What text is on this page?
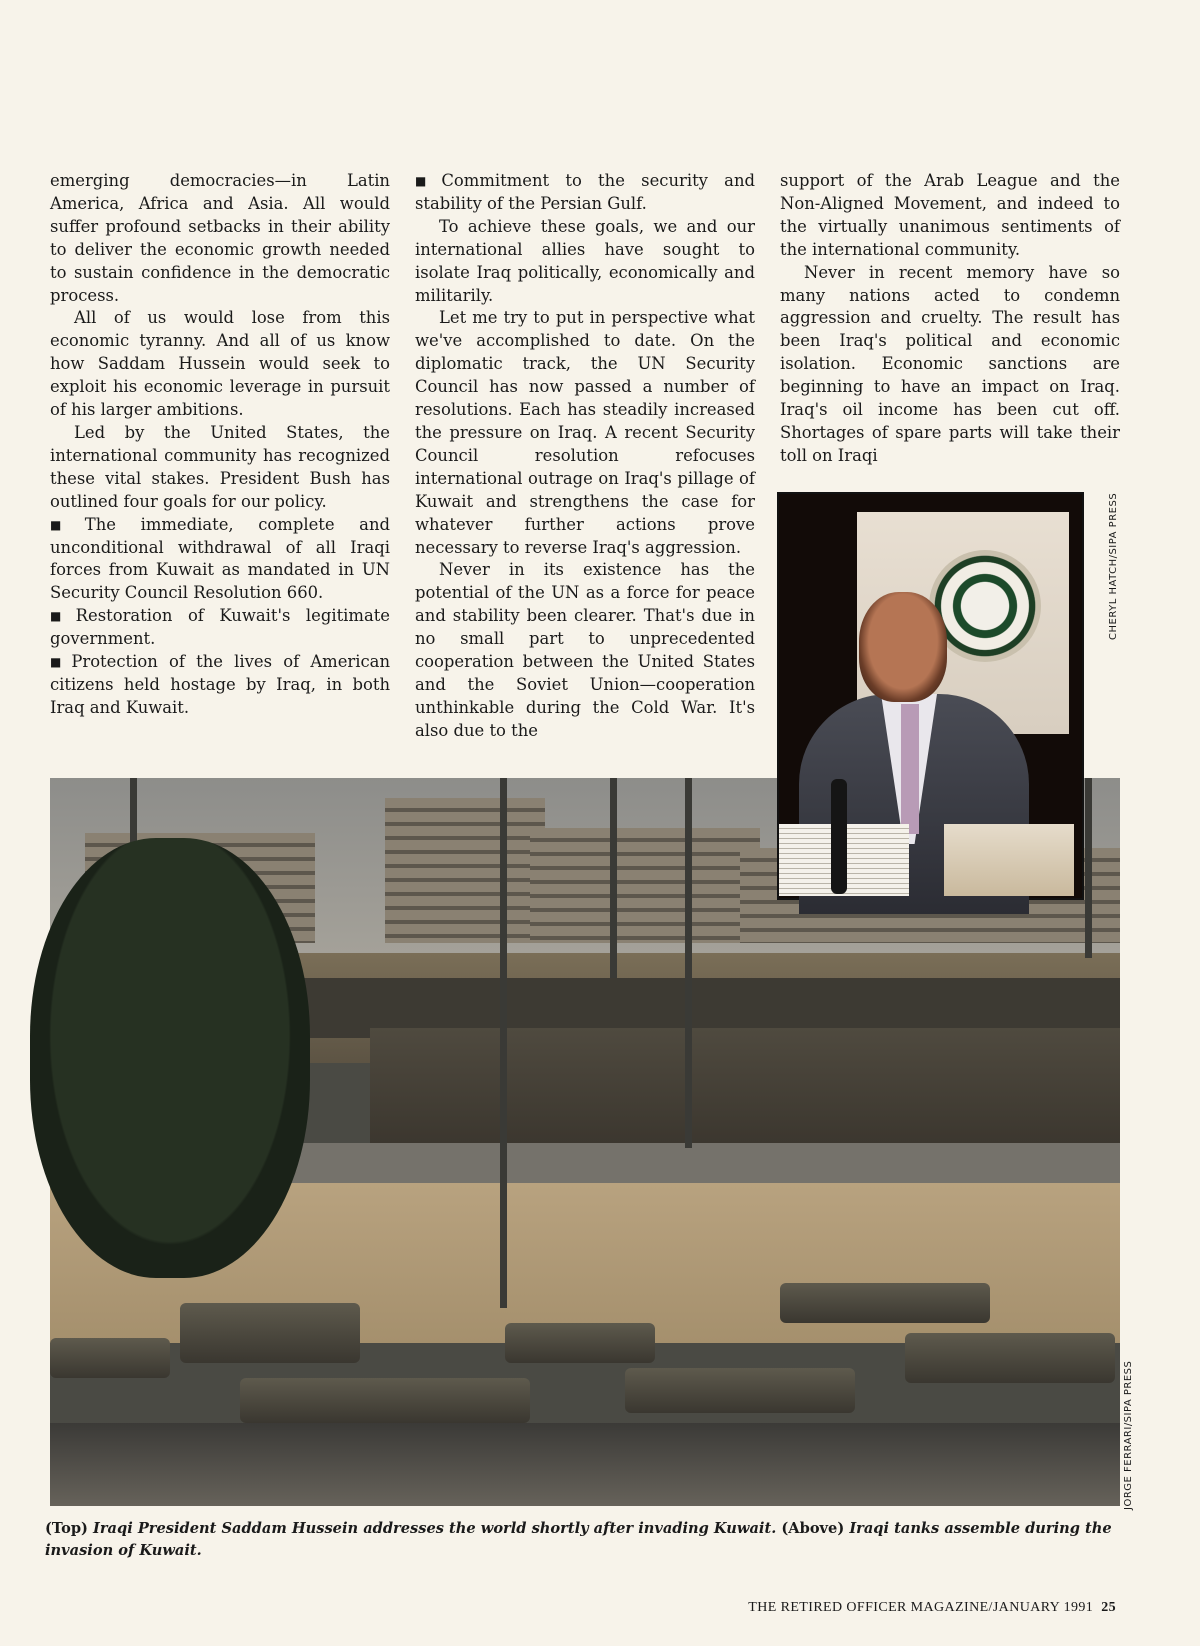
emerging democracies—in Latin America, Africa and Asia. All would suffer profound setbacks in their ability to deliver the economic growth needed to sustain confidence in the democratic process.

All of us would lose from this economic tyranny. And all of us know how Saddam Hussein would seek to exploit his economic leverage in pursuit of his larger ambitions.

Led by the United States, the international community has recognized these vital stakes. President Bush has outlined four goals for our policy.

■ The immediate, complete and unconditional withdrawal of all Iraqi forces from Kuwait as mandated in UN Security Council Resolution 660.

■ Restoration of Kuwait's legitimate government.

■ Protection of the lives of American citizens held hostage by Iraq, in both Iraq and Kuwait.

■ Commitment to the security and stability of the Persian Gulf.

To achieve these goals, we and our international allies have sought to isolate Iraq politically, economically and militarily.

Let me try to put in perspective what we've accomplished to date. On the diplomatic track, the UN Security Council has now passed a number of resolutions. Each has steadily increased the pressure on Iraq. A recent Security Council resolution refocuses international outrage on Iraq's pillage of Kuwait and strengthens the case for whatever further actions prove necessary to reverse Iraq's aggression.

Never in its existence has the potential of the UN as a force for peace and stability been clearer. That's due in no small part to unprecedented cooperation between the United States and the Soviet Union—cooperation unthinkable during the Cold War. It's also due to the

support of the Arab League and the Non-Aligned Movement, and indeed to the virtually unanimous sentiments of the international community.

Never in recent memory have so many nations acted to condemn aggression and cruelty. The result has been Iraq's political and economic isolation. Economic sanctions are beginning to have an impact on Iraq. Iraq's oil income has been cut off. Shortages of spare parts will take their toll on Iraqi

CHERYL HATCH/SIPA PRESS
JORGE FERRARI/SIPA PRESS
(Top) Iraqi President Saddam Hussein addresses the world shortly after invading Kuwait. (Above) Iraqi tanks assemble during the invasion of Kuwait.
THE RETIRED OFFICER MAGAZINE/JANUARY 1991 25
